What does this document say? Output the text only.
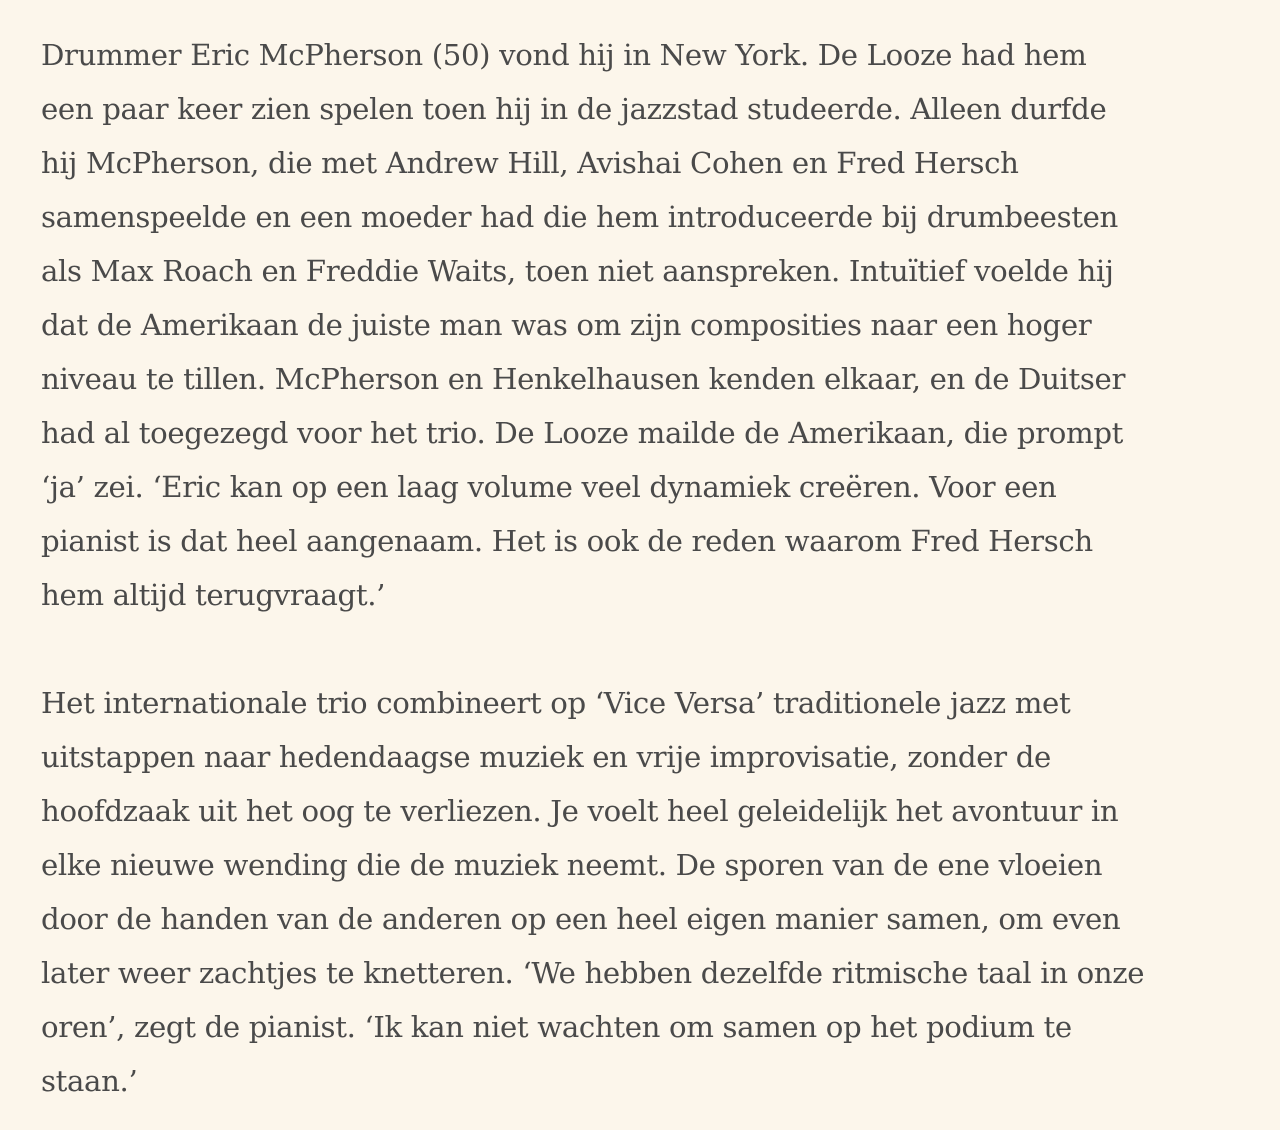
Drummer Eric McPherson (50) vond hij in New York. De Looze had hem
een paar keer zien spelen toen hij in de jazzstad studeerde. Alleen durfde
hij McPherson, die met Andrew Hill, Avishai Cohen en Fred Hersch
samenspeelde en een moeder had die hem introduceerde bij drumbeesten
als Max Roach en Freddie Waits, toen niet aanspreken. Intuïtief voelde hij
dat de Amerikaan de juiste man was om zijn composities naar een hoger
niveau te tillen. McPherson en Henkelhausen kenden elkaar, en de Duitser
had al toegezegd voor het trio. De Looze mailde de Amerikaan, die prompt
‘ja’ zei. ‘Eric kan op een laag volume veel dynamiek creëren. Voor een
pianist is dat heel aangenaam. Het is ook de reden waarom Fred Hersch
hem altijd terugvraagt.’

Het internationale trio combineert op ‘Vice Versa’ traditionele jazz met
uitstappen naar hedendaagse muziek en vrije improvisatie, zonder de
hoofdzaak uit het oog te verliezen. Je voelt heel geleidelijk het avontuur in
elke nieuwe wending die de muziek neemt. De sporen van de ene vloeien
door de handen van de anderen op een heel eigen manier samen, om even
later weer zachtjes te knetteren. ‘We hebben dezelfde ritmische taal in onze
oren’, zegt de pianist. ‘Ik kan niet wachten om samen op het podium te
staan.’
